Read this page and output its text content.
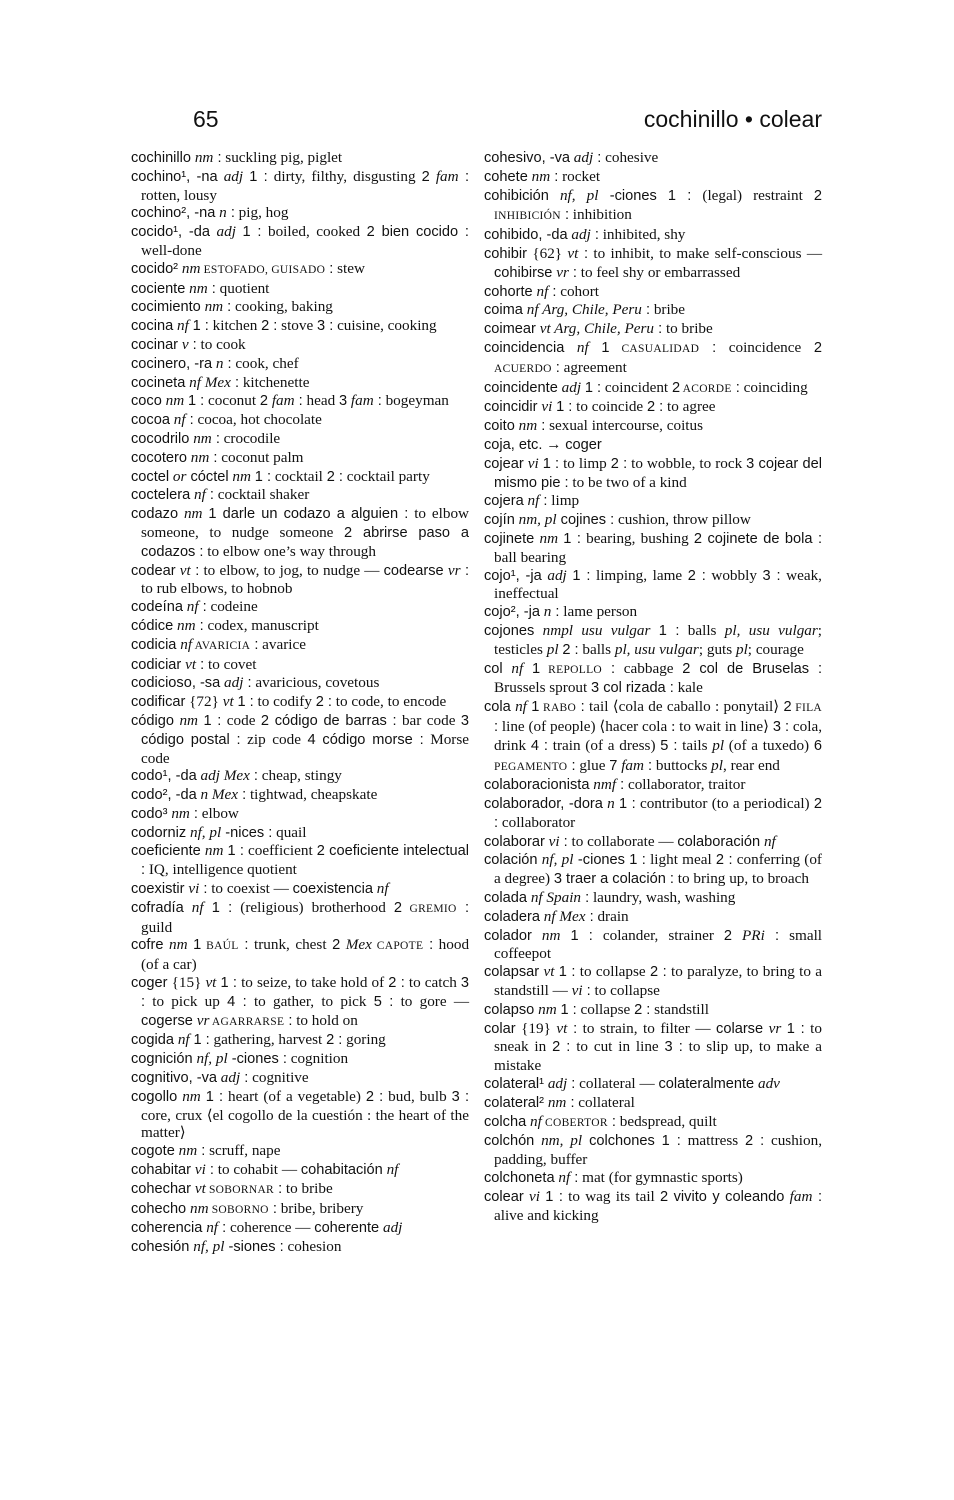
65	cochinillo • colear

cochinillo nm : suckling pig, piglet

cochino¹, -na adj 1 : dirty, filthy, disgusting 2 fam : rotten, lousy

cochino², -na n : pig, hog

cocido¹, -da adj 1 : boiled, cooked 2 bien cocido : well-done

cocido² nm ESTOFADO, GUISADO : stew

cociente nm : quotient

cocimiento nm : cooking, baking

cocina nf 1 : kitchen 2 : stove 3 : cuisine, cooking

cocinar v : to cook

cocinero, -ra n : cook, chef

cocineta nf Mex : kitchenette

coco nm 1 : coconut 2 fam : head 3 fam : bogeyman

cocoa nf : cocoa, hot chocolate

cocodrilo nm : crocodile

cocotero nm : coconut palm

coctel or cóctel nm 1 : cocktail 2 : cocktail party

coctelera nf : cocktail shaker

codazo nm 1 darle un codazo a alguien : to elbow someone, to nudge someone 2 abrirse paso a codazos : to elbow one’s way through

codear vt : to elbow, to jog, to nudge — codearse vr : to rub elbows, to hobnob

codeína nf : codeine

códice nm : codex, manuscript

codicia nf AVARICIA : avarice

codiciar vt : to covet

codicioso, -sa adj : avaricious, covetous

codificar {72} vt 1 : to codify 2 : to code, to encode

código nm 1 : code 2 código de barras : bar code 3 código postal : zip code 4 código morse : Morse code

codo¹, -da adj Mex : cheap, stingy

codo², -da n Mex : tightwad, cheapskate

codo³ nm : elbow

codorniz nf, pl -nices : quail

coeficiente nm 1 : coefficient 2 coeficiente intelectual : IQ, intelligence quotient

coexistir vi : to coexist — coexistencia nf

cofradía nf 1 : (religious) brotherhood 2 GREMIO : guild

cofre nm 1 BAÚL : trunk, chest 2 Mex CAPOTE : hood (of a car)

coger {15} vt 1 : to seize, to take hold of 2 : to catch 3 : to pick up 4 : to gather, to pick 5 : to gore — cogerse vr AGARRARSE : to hold on

cogida nf 1 : gathering, harvest 2 : goring

cognición nf, pl -ciones : cognition

cognitivo, -va adj : cognitive

cogollo nm 1 : heart (of a vegetable) 2 : bud, bulb 3 : core, crux ⟨el cogollo de la cuestión : the heart of the matter⟩

cogote nm : scruff, nape

cohabitar vi : to cohabit — cohabitación nf

cohechar vt SOBORNAR : to bribe

cohecho nm SOBORNO : bribe, bribery

coherencia nf : coherence — coherente adj

cohesión nf, pl -siones : cohesion

cohesivo, -va adj : cohesive

cohete nm : rocket

cohibición nf, pl -ciones 1 : (legal) restraint 2 INHIBICIÓN : inhibition

cohibido, -da adj : inhibited, shy

cohibir {62} vt : to inhibit, to make self-conscious — cohibirse vr : to feel shy or embarrassed

cohorte nf : cohort

coima nf Arg, Chile, Peru : bribe

coimear vt Arg, Chile, Peru : to bribe

coincidencia nf 1 CASUALIDAD : coincidence 2 ACUERDO : agreement

coincidente adj 1 : coincident 2 ACORDE : coinciding

coincidir vi 1 : to coincide 2 : to agree

coito nm : sexual intercourse, coitus

coja, etc. → coger

cojear vi 1 : to limp 2 : to wobble, to rock 3 cojear del mismo pie : to be two of a kind

cojera nf : limp

cojín nm, pl cojines : cushion, throw pillow

cojinete nm 1 : bearing, bushing 2 cojinete de bola : ball bearing

cojo¹, -ja adj 1 : limping, lame 2 : wobbly 3 : weak, ineffectual

cojo², -ja n : lame person

cojones nmpl usu vulgar 1 : balls pl, usu vulgar; testicles pl 2 : balls pl, usu vulgar; guts pl; courage

col nf 1 REPOLLO : cabbage 2 col de Bruselas : Brussels sprout 3 col rizada : kale

cola nf 1 RABO : tail ⟨cola de caballo : ponytail⟩ 2 FILA : line (of people) ⟨hacer cola : to wait in line⟩ 3 : cola, drink 4 : train (of a dress) 5 : tails pl (of a tuxedo) 6 PEGAMENTO : glue 7 fam : buttocks pl, rear end

colaboracionista nmf : collaborator, traitor

colaborador, -dora n 1 : contributor (to a periodical) 2 : collaborator

colaborar vi : to collaborate — colaboración nf

colación nf, pl -ciones 1 : light meal 2 : conferring (of a degree) 3 traer a colación : to bring up, to broach

colada nf Spain : laundry, wash, washing

coladera nf Mex : drain

colador nm 1 : colander, strainer 2 PRi : small coffeepot

colapsar vt 1 : to collapse 2 : to paralyze, to bring to a standstill — vi : to collapse

colapso nm 1 : collapse 2 : standstill

colar {19} vt : to strain, to filter — colarse vr 1 : to sneak in 2 : to cut in line 3 : to slip up, to make a mistake

colateral¹ adj : collateral — colateralmente adv

colateral² nm : collateral

colcha nf COBERTOR : bedspread, quilt

colchón nm, pl colchones 1 : mattress 2 : cushion, padding, buffer

colchoneta nf : mat (for gymnastic sports)

colear vi 1 : to wag its tail 2 vivito y coleando fam : alive and kicking
